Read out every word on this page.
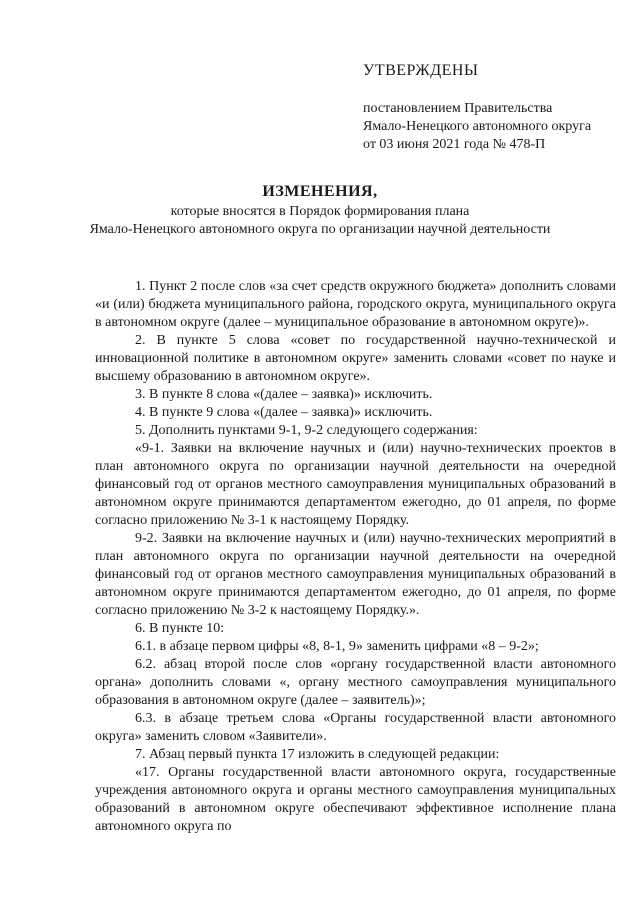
УТВЕРЖДЕНЫ
постановлением Правительства
Ямало-Ненецкого автономного округа
от 03 июня 2021 года № 478-П
ИЗМЕНЕНИЯ,
которые вносятся в Порядок формирования плана
Ямало-Ненецкого автономного округа по организации научной деятельности

1. Пункт 2 после слов «за счет средств окружного бюджета» дополнить словами «и (или) бюджета муниципального района, городского округа, муниципального округа в автономном округе (далее – муниципальное образование в автономном округе)».

2. В пункте 5 слова «совет по государственной научно-технической и инновационной политике в автономном округе» заменить словами «совет по науке и высшему образованию в автономном округе».

3. В пункте 8 слова «(далее – заявка)» исключить.

4. В пункте 9 слова «(далее – заявка)» исключить.

5. Дополнить пунктами 9-1, 9-2 следующего содержания:

«9-1. Заявки на включение научных и (или) научно-технических проектов в план автономного округа по организации научной деятельности на очередной финансовый год от органов местного самоуправления муниципальных образований в автономном округе принимаются департаментом ежегодно, до 01 апреля, по форме согласно приложению № 3-1 к настоящему Порядку.

9-2. Заявки на включение научных и (или) научно-технических мероприятий в план автономного округа по организации научной деятельности на очередной финансовый год от органов местного самоуправления муниципальных образований в автономном округе принимаются департаментом ежегодно, до 01 апреля, по форме согласно приложению № 3-2 к настоящему Порядку.».

6. В пункте 10:

6.1. в абзаце первом цифры «8, 8-1, 9» заменить цифрами «8 – 9-2»;

6.2. абзац второй после слов «органу государственной власти автономного органа» дополнить словами «, органу местного самоуправления муниципального образования в автономном округе (далее – заявитель)»;

6.3. в абзаце третьем слова «Органы государственной власти автономного округа» заменить словом «Заявители».

7. Абзац первый пункта 17 изложить в следующей редакции:

«17. Органы государственной власти автономного округа, государственные учреждения автономного округа и органы местного самоуправления муниципальных образований в автономном округе обеспечивают эффективное исполнение плана автономного округа по
